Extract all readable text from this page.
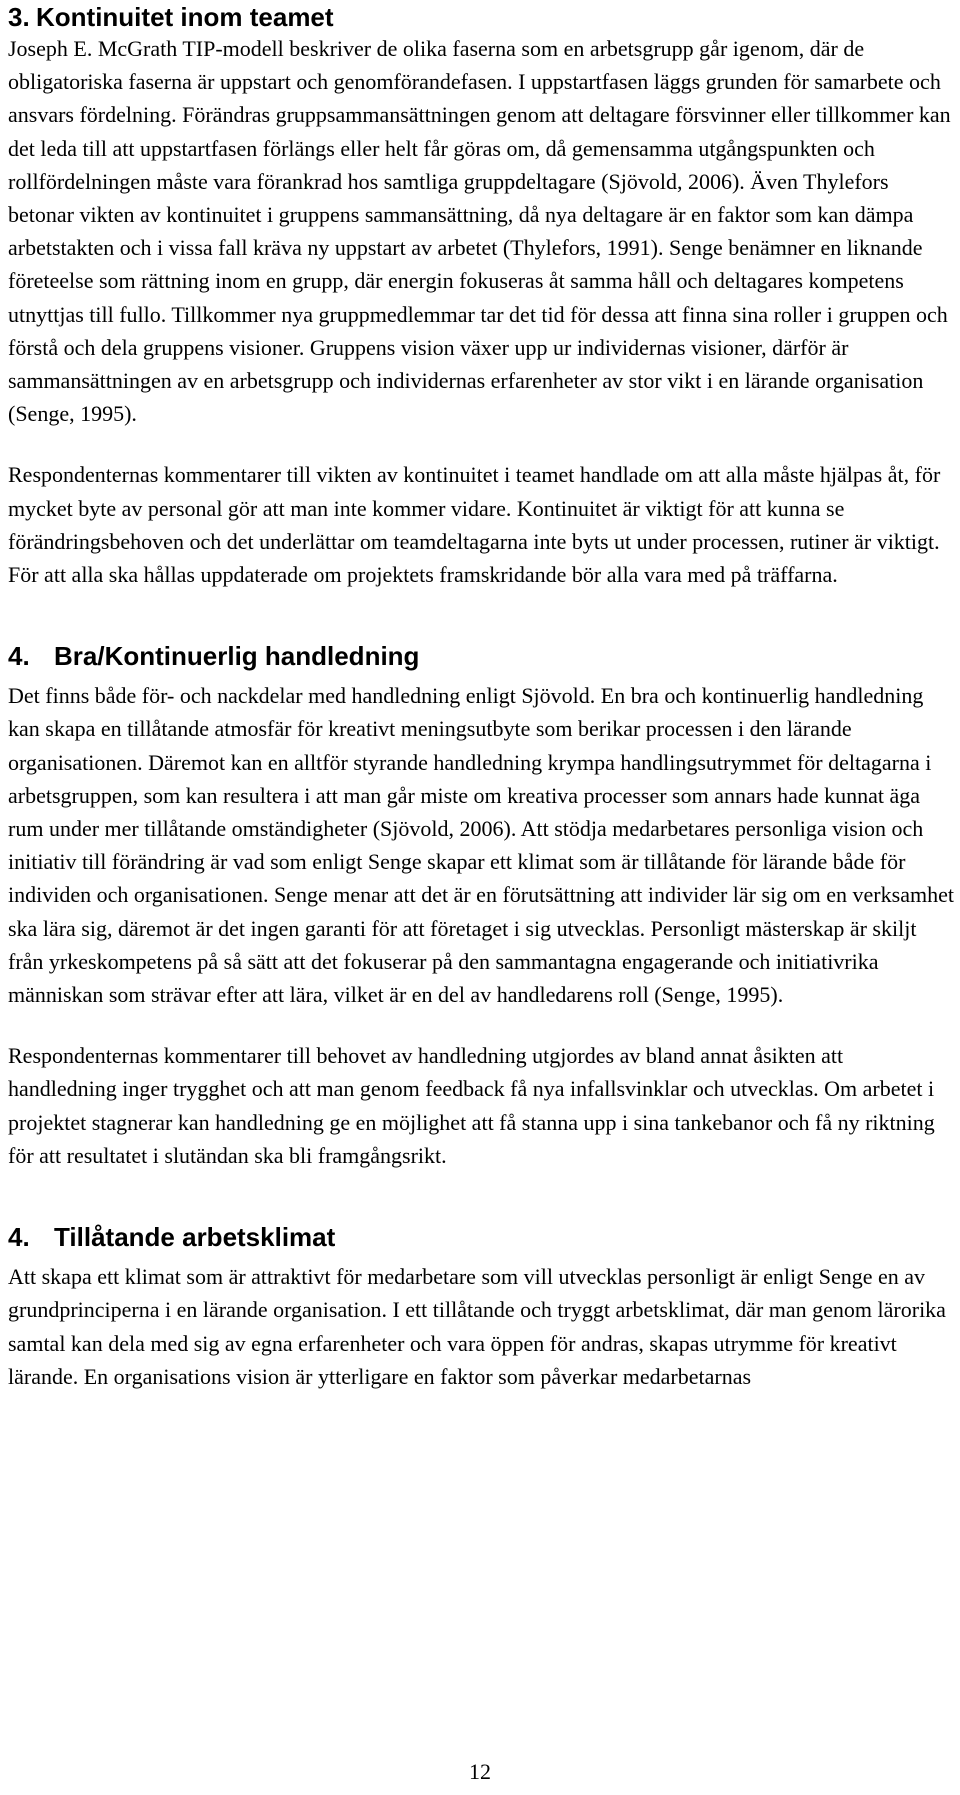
3. Kontinuitet inom teamet

Joseph E. McGrath TIP-modell beskriver de olika faserna som en arbetsgrupp går igenom, där de obligatoriska faserna är uppstart och genomförandefasen. I uppstartfasen läggs grunden för samarbete och ansvars fördelning. Förändras gruppsammansättningen genom att deltagare försvinner eller tillkommer kan det leda till att uppstartfasen förlängs eller helt får göras om, då gemensamma utgångspunkten och rollfördelningen måste vara förankrad hos samtliga gruppdeltagare (Sjövold, 2006). Även Thylefors betonar vikten av kontinuitet i gruppens sammansättning, då nya deltagare är en faktor som kan dämpa arbetstakten och i vissa fall kräva ny uppstart av arbetet (Thylefors, 1991). Senge benämner en liknande företeelse som rättning inom en grupp, där energin fokuseras åt samma håll och deltagares kompetens utnyttjas till fullo. Tillkommer nya gruppmedlemmar tar det tid för dessa att finna sina roller i gruppen och förstå och dela gruppens visioner. Gruppens vision växer upp ur individernas visioner, därför är sammansättningen av en arbetsgrupp och individernas erfarenheter av stor vikt i en lärande organisation (Senge, 1995).

Respondenternas kommentarer till vikten av kontinuitet i teamet handlade om att alla måste hjälpas åt, för mycket byte av personal gör att man inte kommer vidare. Kontinuitet är viktigt för att kunna se förändringsbehoven och det underlättar om teamdeltagarna inte byts ut under processen, rutiner är viktigt. För att alla ska hållas uppdaterade om projektets framskridande bör alla vara med på träffarna.

4. Bra/Kontinuerlig handledning

Det finns både för- och nackdelar med handledning enligt Sjövold. En bra och kontinuerlig handledning kan skapa en tillåtande atmosfär för kreativt meningsutbyte som berikar processen i den lärande organisationen. Däremot kan en alltför styrande handledning krympa handlingsutrymmet för deltagarna i arbetsgruppen, som kan resultera i att man går miste om kreativa processer som annars hade kunnat äga rum under mer tillåtande omständigheter (Sjövold, 2006). Att stödja medarbetares personliga vision och initiativ till förändring är vad som enligt Senge skapar ett klimat som är tillåtande för lärande både för individen och organisationen. Senge menar att det är en förutsättning att individer lär sig om en verksamhet ska lära sig, däremot är det ingen garanti för att företaget i sig utvecklas. Personligt mästerskap är skiljt från yrkeskompetens på så sätt att det fokuserar på den sammantagna engagerande och initiativrika människan som strävar efter att lära, vilket är en del av handledarens roll (Senge, 1995).

Respondenternas kommentarer till behovet av handledning utgjordes av bland annat åsikten att handledning inger trygghet och att man genom feedback få nya infallsvinklar och utvecklas. Om arbetet i projektet stagnerar kan handledning ge en möjlighet att få stanna upp i sina tankebanor och få ny riktning för att resultatet i slutändan ska bli framgångsrikt.

4. Tillåtande arbetsklimat

Att skapa ett klimat som är attraktivt för medarbetare som vill utvecklas personligt är enligt Senge en av grundprinciperna i en lärande organisation. I ett tillåtande och tryggt arbetsklimat, där man genom lärorika samtal kan dela med sig av egna erfarenheter och vara öppen för andras, skapas utrymme för kreativt lärande. En organisations vision är ytterligare en faktor som påverkar medarbetarnas

12
